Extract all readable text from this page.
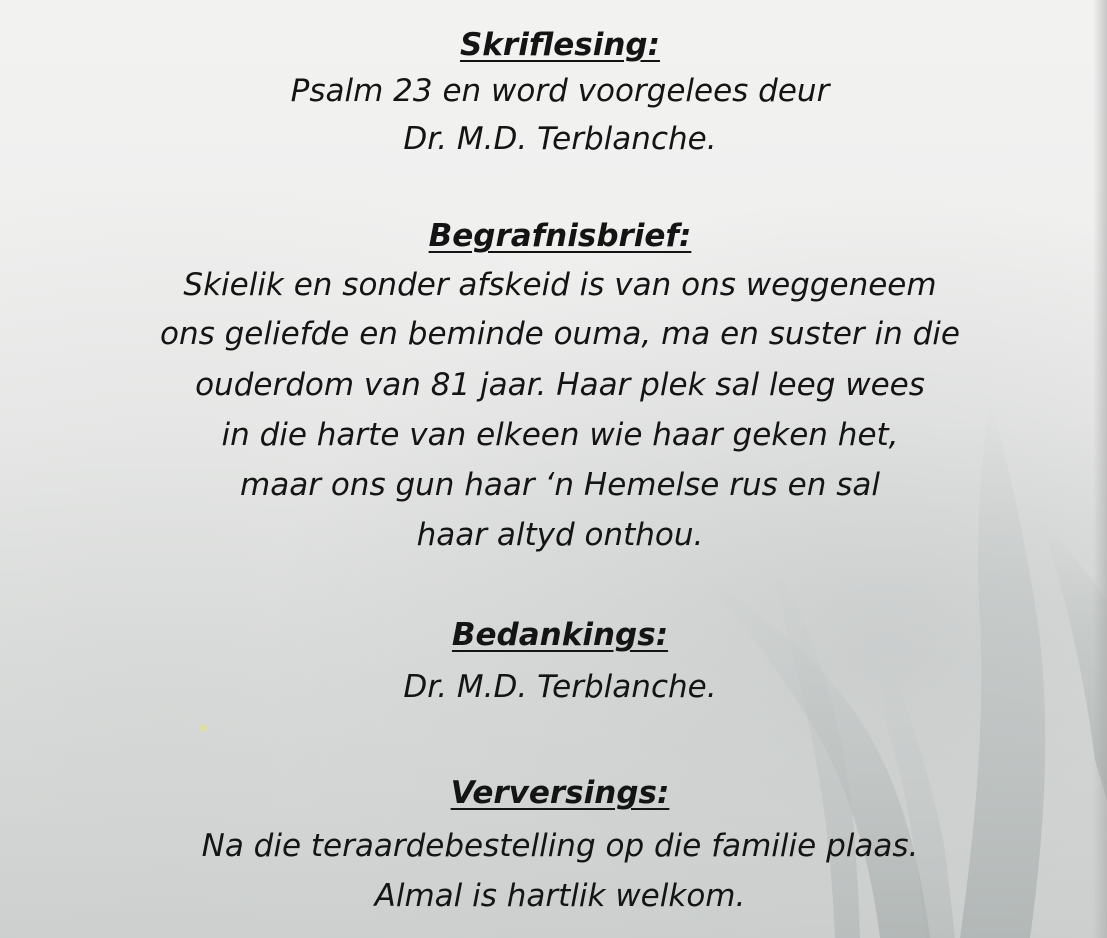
Skriflesing:

Psalm 23 en word voorgelees deur

Dr. M.D. Terblanche.

Begrafnisbrief:

Skielik en sonder afskeid is van ons weggeneem

ons geliefde en beminde ouma, ma en suster in die

ouderdom van 81 jaar. Haar plek sal leeg wees

in die harte van elkeen wie haar geken het,

maar ons gun haar ‘n Hemelse rus en sal

haar altyd onthou.

Bedankings:

Dr. M.D. Terblanche.

Verversings:

Na die teraardebestelling op die familie plaas.

Almal is hartlik welkom.
